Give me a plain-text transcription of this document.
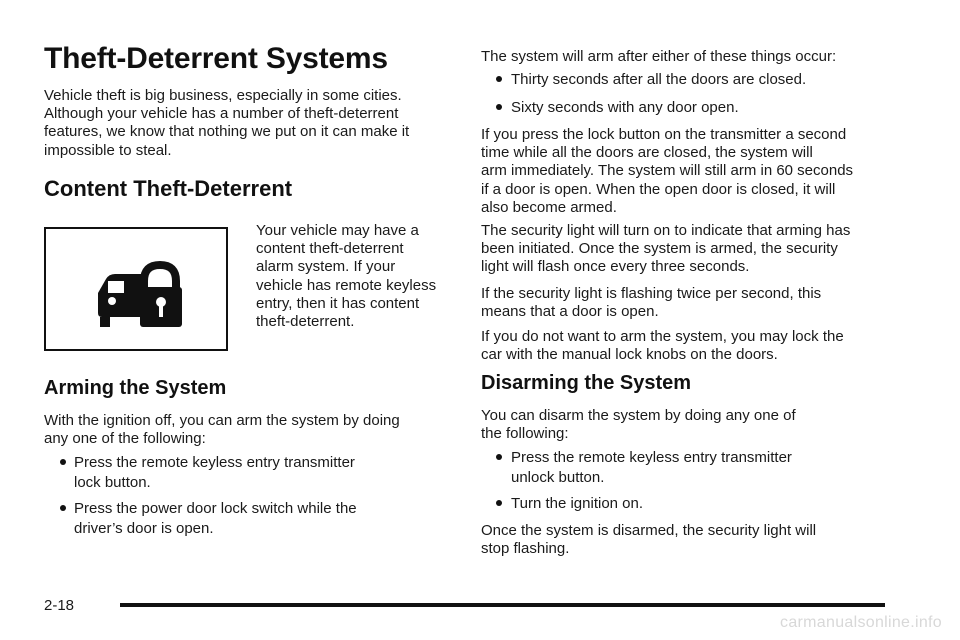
Theft-Deterrent Systems

Vehicle theft is big business, especially in some cities.
Although your vehicle has a number of theft-deterrent
features, we know that nothing we put on it can make it
impossible to steal.

Content Theft-Deterrent

Your vehicle may have a
content theft-deterrent
alarm system. If your
vehicle has remote keyless
entry, then it has content
theft-deterrent.

Arming the System

With the ignition off, you can arm the system by doing
any one of the following:

Press the remote keyless entry transmitter
lock button.
Press the power door lock switch while the
driver’s door is open.

The system will arm after either of these things occur:

Thirty seconds after all the doors are closed.
Sixty seconds with any door open.

If you press the lock button on the transmitter a second
time while all the doors are closed, the system will
arm immediately. The system will still arm in 60 seconds
if a door is open. When the open door is closed, it will
also become armed.

The security light will turn on to indicate that arming has
been initiated. Once the system is armed, the security
light will flash once every three seconds.

If the security light is flashing twice per second, this
means that a door is open.

If you do not want to arm the system, you may lock the
car with the manual lock knobs on the doors.

Disarming the System

You can disarm the system by doing any one of
the following:

Press the remote keyless entry transmitter
unlock button.
Turn the ignition on.

Once the system is disarmed, the security light will
stop flashing.

2-18
carmanualsonline.info
